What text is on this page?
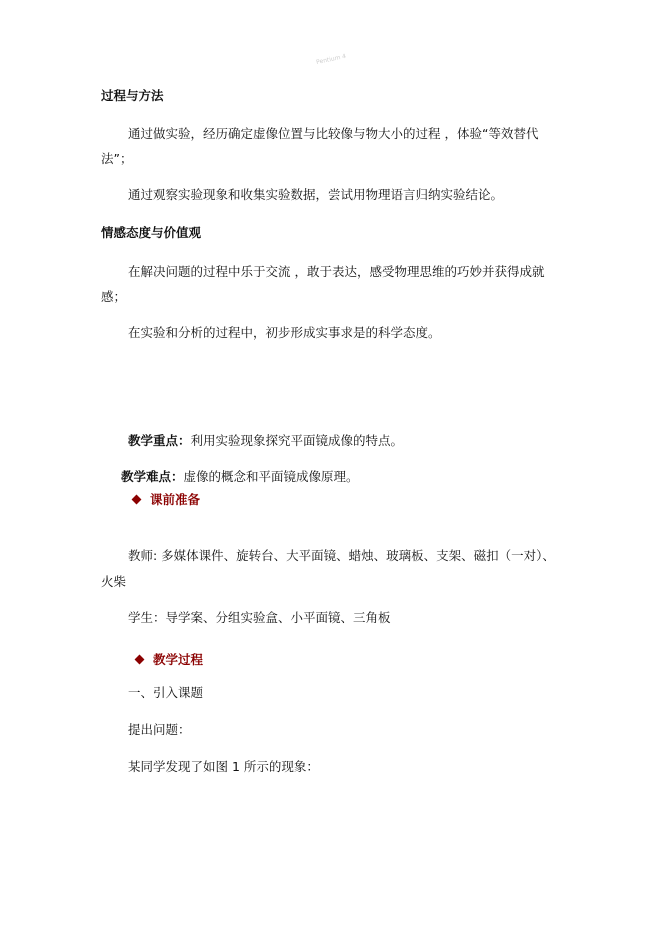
Pentium 4
过程与方法
通过做实验，经历确定虚像位置与比较像与物大小的过程 ，体验“等效替代
法”；
通过观察实验现象和收集实验数据，尝试用物理语言归纳实验结论。
情感态度与价值观
在解决问题的过程中乐于交流 ，敢于表达，感受物理思维的巧妙并获得成就
感；
在实验和分析的过程中，初步形成实事求是的科学态度。
教学重点：利用实验现象探究平面镜成像的特点。
教学难点：虚像的概念和平面镜成像原理。
课前准备
教师: 多媒体课件、旋转台、大平面镜、蜡烛、玻璃板、支架、磁扣（一对）、
火柴
学生：导学案、分组实验盒、小平面镜、三角板
教学过程
一、引入课题
提出问题：
某同学发现了如图 1 所示的现象：
